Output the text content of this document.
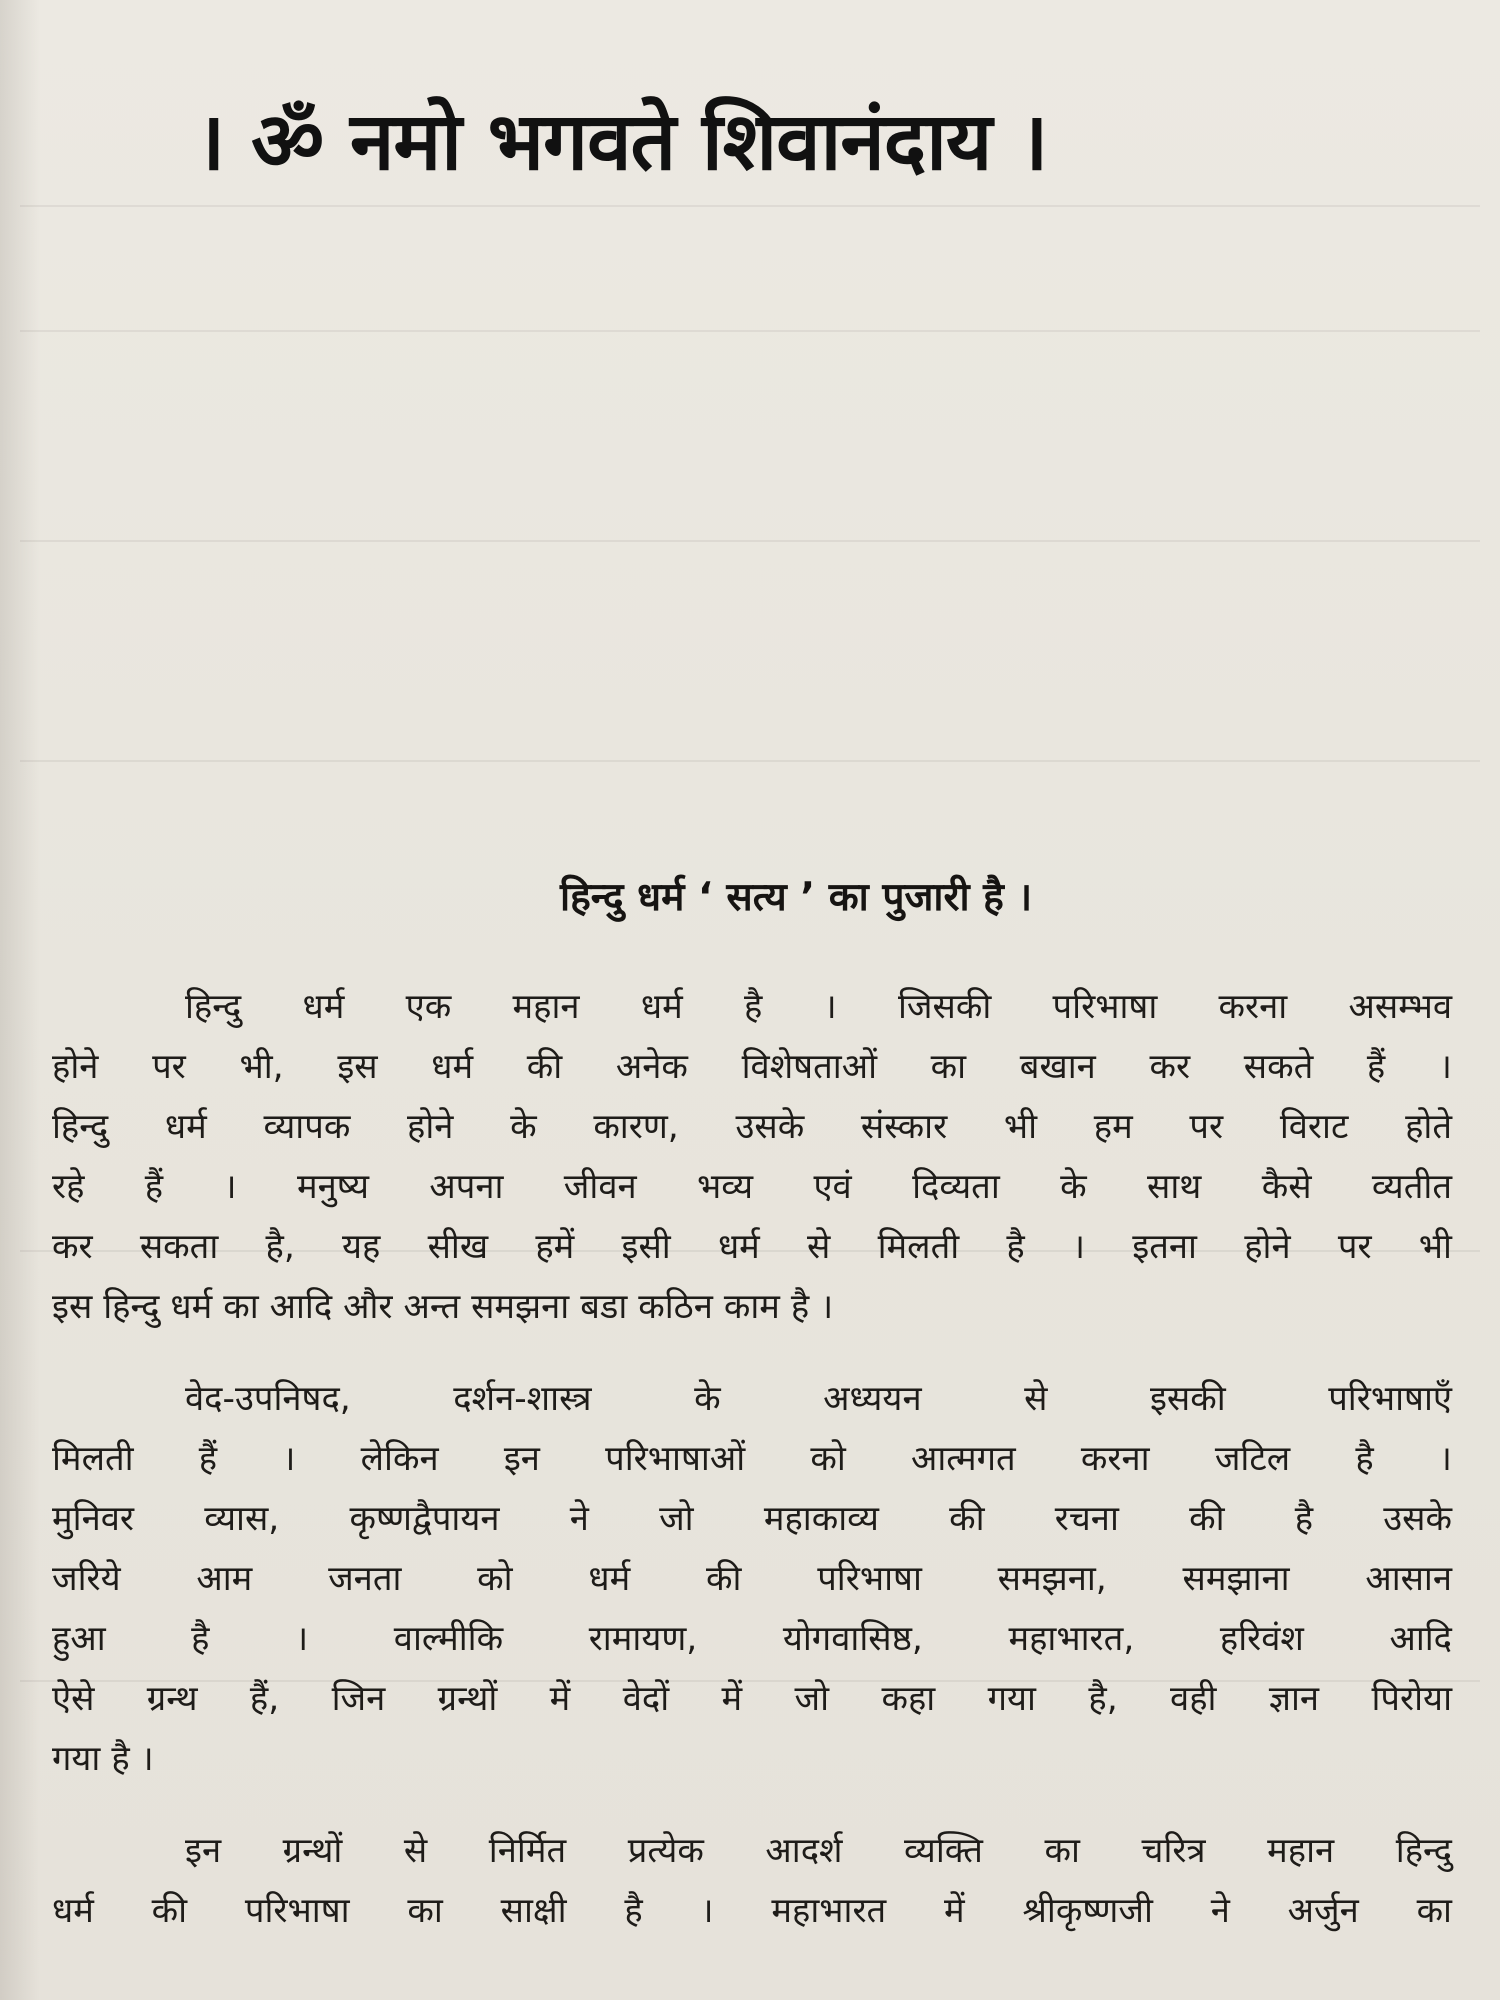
। ॐ नमो भगवते शिवानंदाय ।
हिन्दु धर्म ‘ सत्य ’ का पुजारी है ।
हिन्दु धर्म एक महान धर्म है । जिसकी परिभाषा करना असम्भव
होने पर भी, इस धर्म की अनेक विशेषताओं का बखान कर सकते हैं ।
हिन्दु धर्म व्यापक होने के कारण, उसके संस्कार भी हम पर विराट होते
रहे हैं । मनुष्य अपना जीवन भव्य एवं दिव्यता के साथ कैसे व्यतीत
कर सकता है, यह सीख हमें इसी धर्म से मिलती है । इतना होने पर भी
इस हिन्दु धर्म का आदि और अन्त समझना बडा कठिन काम है ।
वेद-उपनिषद, दर्शन-शास्त्र के अध्ययन से इसकी परिभाषाएँ
मिलती हैं । लेकिन इन परिभाषाओं को आत्मगत करना जटिल है ।
मुनिवर व्यास, कृष्णद्वैपायन ने जो महाकाव्य की रचना की है उसके
जरिये आम जनता को धर्म की परिभाषा समझना, समझाना आसान
हुआ है । वाल्मीकि रामायण, योगवासिष्ठ, महाभारत, हरिवंश आदि
ऐसे ग्रन्थ हैं, जिन ग्रन्थों में वेदों में जो कहा गया है, वही ज्ञान पिरोया
गया है ।
इन ग्रन्थों से निर्मित प्रत्येक आदर्श व्यक्ति का चरित्र महान हिन्दु
धर्म की परिभाषा का साक्षी है । महाभारत में श्रीकृष्णजी ने अर्जुन का
